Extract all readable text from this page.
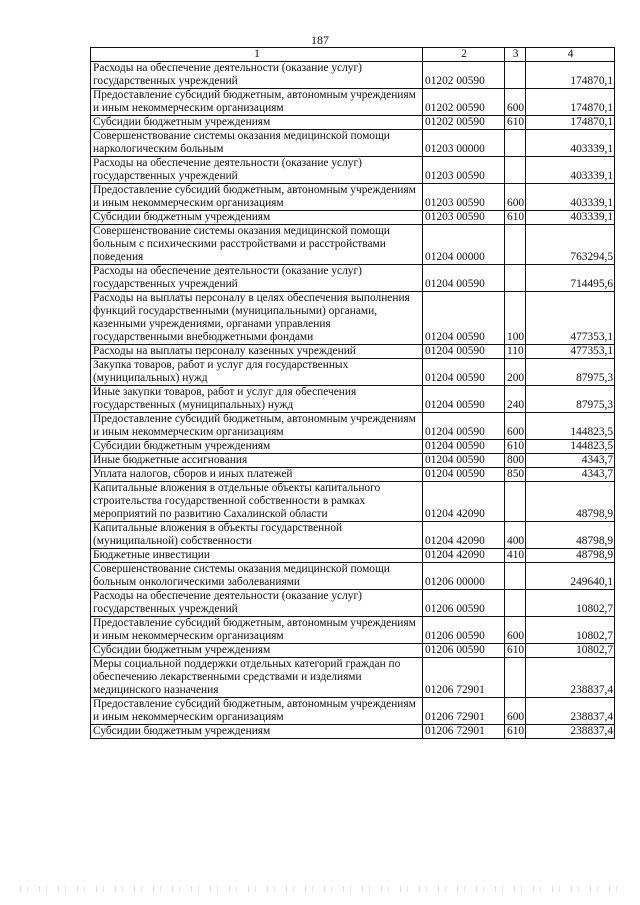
187
1	2	3	4
Расходы на обеспечение деятельности (оказание услуг) государственных учреждений	01202 00590		174870,1
Предоставление субсидий бюджетным, автономным учреждениям и иным некоммерческим организациям	01202 00590	600	174870,1
Субсидии бюджетным учреждениям	01202 00590	610	174870,1
Совершенствование системы оказания медицинской помощи наркологическим больным	01203 00000		403339,1
Расходы на обеспечение деятельности (оказание услуг) государственных учреждений	01203 00590		403339,1
Предоставление субсидий бюджетным, автономным учреждениям и иным некоммерческим организациям	01203 00590	600	403339,1
Субсидии бюджетным учреждениям	01203 00590	610	403339,1
Совершенствование системы оказания медицинской помощи больным с психическими расстройствами и расстройствами поведения	01204 00000		763294,5
Расходы на обеспечение деятельности (оказание услуг) государственных учреждений	01204 00590		714495,6
Расходы на выплаты персоналу в целях обеспечения выполнения функций государственными (муниципальными) органами, казенными учреждениями, органами управления государственными внебюджетными фондами	01204 00590	100	477353,1
Расходы на выплаты персоналу казенных учреждений	01204 00590	110	477353,1
Закупка товаров, работ и услуг для государственных (муниципальных) нужд	01204 00590	200	87975,3
Иные закупки товаров, работ и услуг для обеспечения государственных (муниципальных) нужд	01204 00590	240	87975,3
Предоставление субсидий бюджетным, автономным учреждениям и иным некоммерческим организациям	01204 00590	600	144823,5
Субсидии бюджетным учреждениям	01204 00590	610	144823,5
Иные бюджетные ассигнования	01204 00590	800	4343,7
Уплата налогов, сборов и иных платежей	01204 00590	850	4343,7
Капитальные вложения в отдельные объекты капитального строительства государственной собственности в рамках мероприятий по развитию Сахалинской области	01204 42090		48798,9
Капитальные вложения в объекты государственной (муниципальной) собственности	01204 42090	400	48798,9
Бюджетные инвестиции	01204 42090	410	48798,9
Совершенствование системы оказания медицинской помощи больным онкологическими заболеваниями	01206 00000		249640,1
Расходы на обеспечение деятельности (оказание услуг) государственных учреждений	01206 00590		10802,7
Предоставление субсидий бюджетным, автономным учреждениям и иным некоммерческим организациям	01206 00590	600	10802,7
Субсидии бюджетным учреждениям	01206 00590	610	10802,7
Меры социальной поддержки отдельных категорий граждан по обеспечению лекарственными средствами и изделиями медицинского назначения	01206 72901		238837,4
Предоставление субсидий бюджетным, автономным учреждениям и иным некоммерческим организациям	01206 72901	600	238837,4
Субсидии бюджетным учреждениям	01206 72901	610	238837,4
